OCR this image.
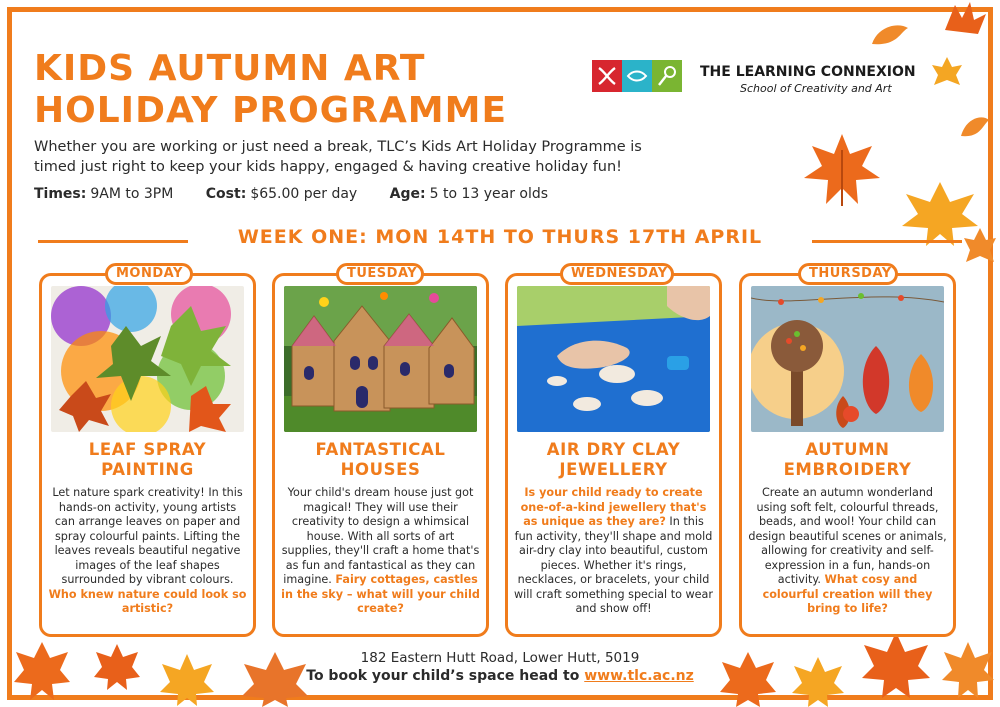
KIDS AUTUMN ART
HOLIDAY PROGRAMME
Whether you are working or just need a break, TLC’s Kids Art Holiday Programme is timed just right to keep your kids happy, engaged & having creative holiday fun!
Times: 9AM to 3PM Cost: $65.00 per day Age: 5 to 13 year olds
THE LEARNING CONNEXION
School of Creativity and Art
WEEK ONE: MON 14TH TO THURS 17TH APRIL
LEAF SPRAY
PAINTING
Let nature spark creativity! In this hands-on activity, young artists can arrange leaves on paper and spray colourful paints. Lifting the leaves reveals beautiful negative images of the leaf shapes surrounded by vibrant colours. Who knew nature could look so artistic?
MONDAY
FANTASTICAL
HOUSES
Your child's dream house just got magical! They will use their creativity to design a whimsical house. With all sorts of art supplies, they'll craft a home that's as fun and fantastical as they can imagine. Fairy cottages, castles in the sky – what will your child create?
TUESDAY
AIR DRY CLAY
JEWELLERY
Is your child ready to create one-of-a-kind jewellery that's as unique as they are? In this fun activity, they'll shape and mold air-dry clay into beautiful, custom pieces. Whether it's rings, necklaces, or bracelets, your child will craft something special to wear and show off!
WEDNESDAY
AUTUMN
EMBROIDERY
Create an autumn wonderland using soft felt, colourful threads, beads, and wool! Your child can design beautiful scenes or animals, allowing for creativity and self-expression in a fun, hands-on activity. What cosy and colourful creation will they bring to life?
THURSDAY
182 Eastern Hutt Road, Lower Hutt, 5019
To book your child’s space head to www.tlc.ac.nz
